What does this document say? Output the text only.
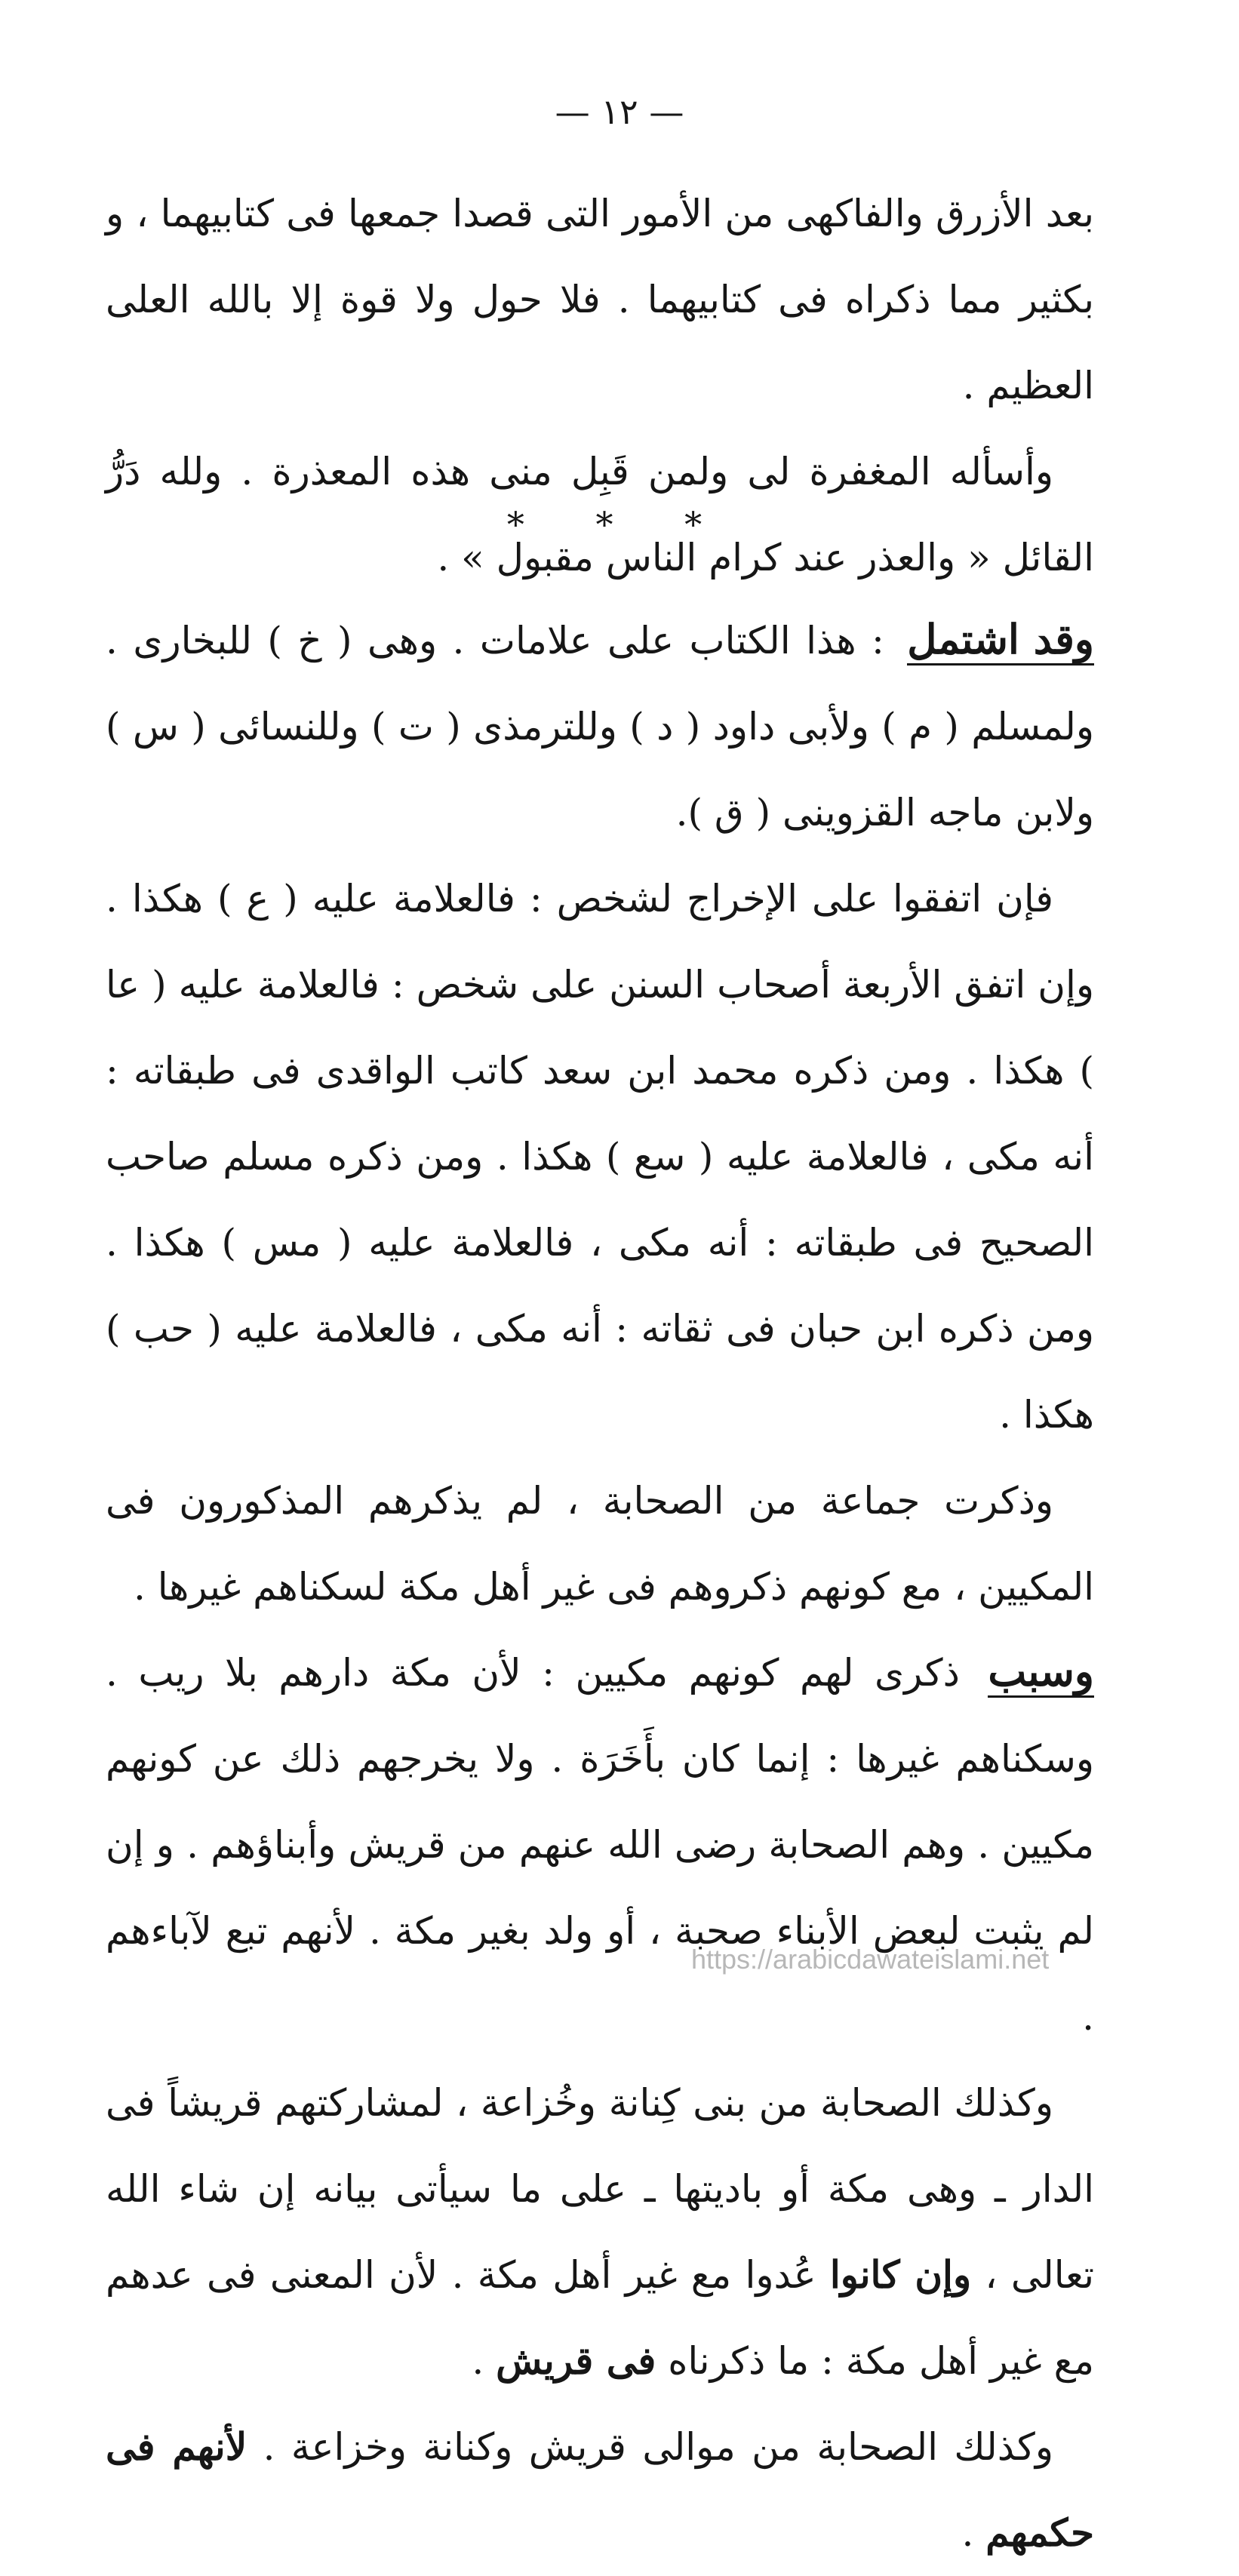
— ١٢ —

بعد الأزرق والفاكهى من الأمور التى قصدا جمعها فى كتابيهما ، و بكثير مما ذكراه فى كتابيهما . فلا حول ولا قوة إلا بالله العلى العظيم .

وأسأله المغفرة لى ولمن قَبِل منى هذه المعذرة . ولله دَرُّ القائل « والعذر عند كرام الناس مقبول » .

* * *

وقد اشتمل : هذا الكتاب على علامات . وهى ( خ ) للبخارى . ولمسلم ( م ) ولأبى داود ( د ) وللترمذى ( ت ) وللنسائى ( س ) ولابن ماجه القزوينى ( ق ).

فإن اتفقوا على الإخراج لشخص : فالعلامة عليه ( ع ) هكذا . وإن اتفق الأربعة أصحاب السنن على شخص : فالعلامة عليه ( عا ) هكذا . ومن ذكره محمد ابن سعد كاتب الواقدى فى طبقاته : أنه مكى ، فالعلامة عليه ( سع ) هكذا . ومن ذكره مسلم صاحب الصحيح فى طبقاته : أنه مكى ، فالعلامة عليه ( مس ) هكذا . ومن ذكره ابن حبان فى ثقاته : أنه مكى ، فالعلامة عليه ( حب ) هكذا .

وذكرت جماعة من الصحابة ، لم يذكرهم المذكورون فى المكيين ، مع كونهم ذكروهم فى غير أهل مكة لسكناهم غيرها .

وسبب ذكرى لهم كونهم مكيين : لأن مكة دارهم بلا ريب . وسكناهم غيرها : إنما كان بأَخَرَة . ولا يخرجهم ذلك عن كونهم مكيين . وهم الصحابة رضى الله عنهم من قريش وأبناؤهم . و إن لم يثبت لبعض الأبناء صحبة ، أو ولد بغير مكة . لأنهم تبع لآباءهم .

وكذلك الصحابة من بنى كِنانة وخُزاعة ، لمشاركتهم قريشاً فى الدار ـ وهى مكة أو باديتها ـ على ما سيأتى بيانه إن شاء الله تعالى ، وإن كانوا عُدوا مع غير أهل مكة . لأن المعنى فى عدهم مع غير أهل مكة : ما ذكرناه فى قريش .

وكذلك الصحابة من موالى قريش وكنانة وخزاعة . لأنهم فى حكمهم .

https://arabicdawateislami.net
